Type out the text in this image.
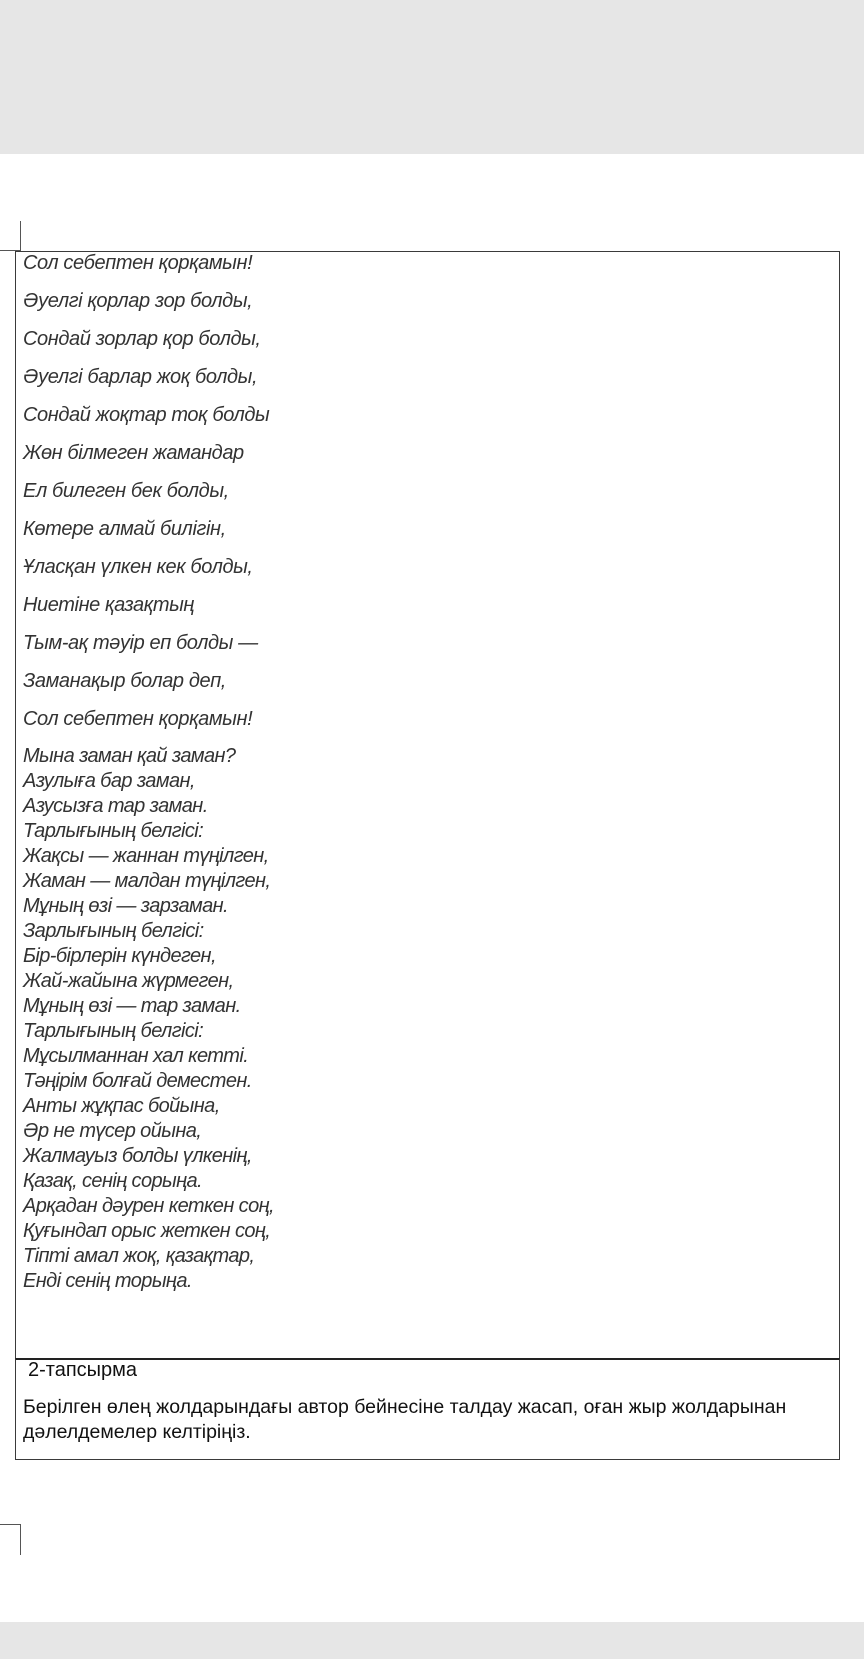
Сол себептен қорқамын!
Әуелгі қорлар зор болды,
Сондай зорлар қор болды,
Әуелгі барлар жоқ болды,
Сондай жоқтар тоқ болды
Жөн білмеген жамандар
Ел билеген бек болды,
Көтере алмай билігін,
Ұласқан үлкен кек болды,
Ниетіне қазақтың
Тым-ақ тәуір еп болды —
Заманақыр болар деп,
Сол себептен қорқамын!
Мына заман қай заман?
Азулыға бар заман,
Азусызға тар заман.
Тарлығының белгісі:
Жақсы — жаннан түңілген,
Жаман — малдан түңілген,
Мұның өзі — зарзаман.
Зарлығының белгісі:
Бір-бірлерін күндеген,
Жай-жайына жүрмеген,
Мұның өзі — тар заман.
Тарлығының белгісі:
Мұсылманнан хал кетті.
Тәңірім болғай деместен.
Анты жұқпас бойына,
Әр не түсер ойына,
Жалмауыз болды үлкенің,
Қазақ, сенің сорыңа.
Арқадан дәурен кеткен соң,
Қуғындап орыс жеткен соң,
Тіпті амал жоқ, қазақтар,
Енді сенің торыңа.
2-тапсырма
Берілген өлең жолдарындағы автор бейнесіне талдау жасап, оған жыр жолдарынан дәлелдемелер келтіріңіз.
